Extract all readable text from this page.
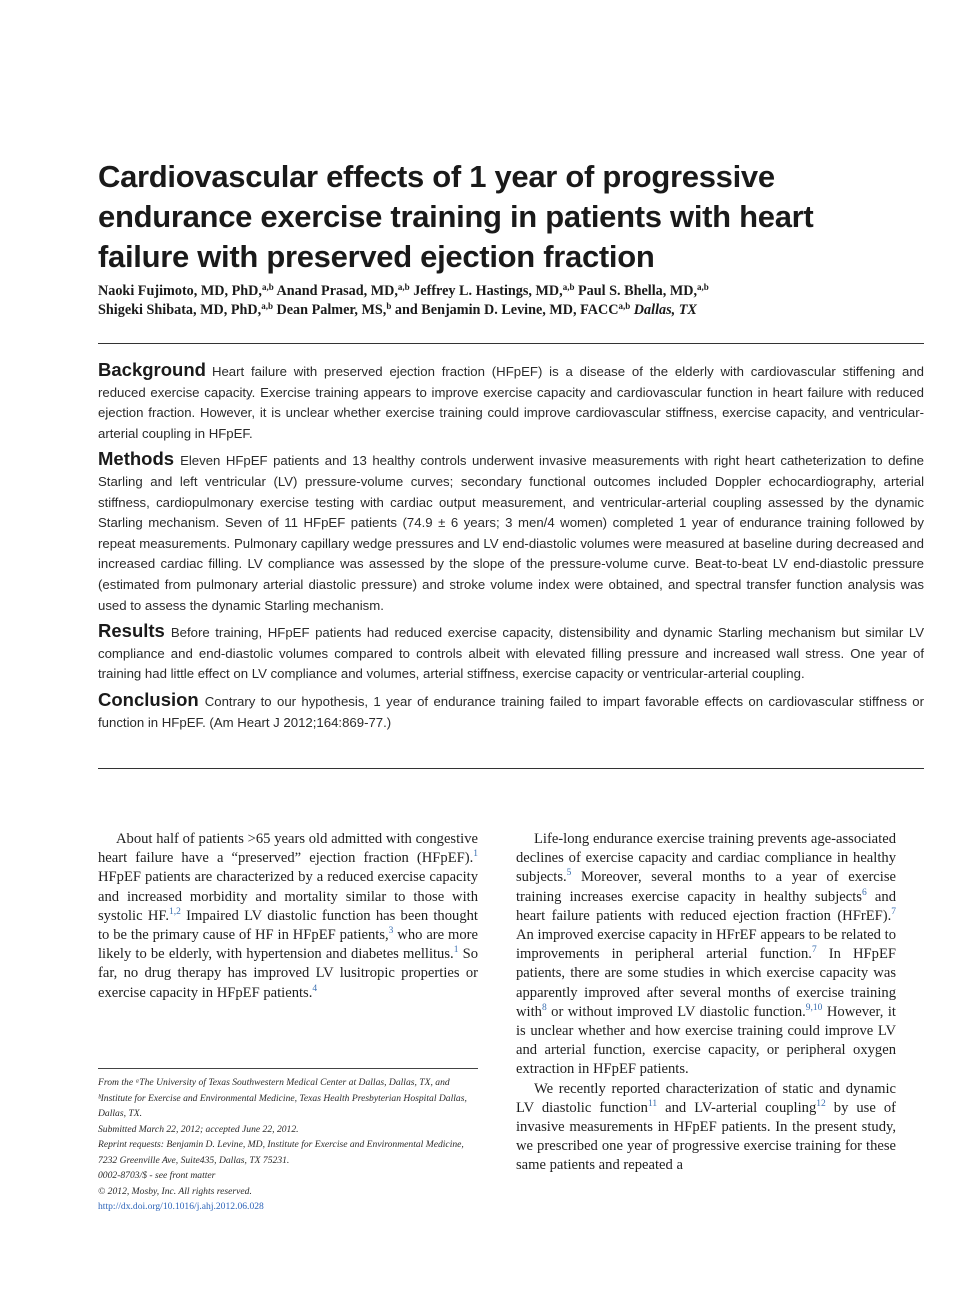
Cardiovascular effects of 1 year of progressive
endurance exercise training in patients with heart
failure with preserved ejection fraction
Naoki Fujimoto, MD, PhD,$^{a,b}$ Anand Prasad, MD,$^{a,b}$ Jeffrey L. Hastings, MD,$^{a,b}$ Paul S. Bhella, MD,$^{a,b}$
Shigeki Shibata, MD, PhD,$^{a,b}$ Dean Palmer, MS,$^b$ and Benjamin D. Levine, MD, FACC$^{a,b}$ Dallas, TX

Background Heart failure with preserved ejection fraction (HFpEF) is a disease of the elderly with cardiovascular stiffening and reduced exercise capacity. Exercise training appears to improve exercise capacity and cardiovascular function in heart failure with reduced ejection fraction. However, it is unclear whether exercise training could improve cardiovascular stiffness, exercise capacity, and ventricular-arterial coupling in HFpEF.

Methods Eleven HFpEF patients and 13 healthy controls underwent invasive measurements with right heart catheterization to define Starling and left ventricular (LV) pressure-volume curves; secondary functional outcomes included Doppler echocardiography, arterial stiffness, cardiopulmonary exercise testing with cardiac output measurement, and ventricular-arterial coupling assessed by the dynamic Starling mechanism. Seven of 11 HFpEF patients (74.9 ± 6 years; 3 men/4 women) completed 1 year of endurance training followed by repeat measurements. Pulmonary capillary wedge pressures and LV end-diastolic volumes were measured at baseline during decreased and increased cardiac filling. LV compliance was assessed by the slope of the pressure-volume curve. Beat-to-beat LV end-diastolic pressure (estimated from pulmonary arterial diastolic pressure) and stroke volume index were obtained, and spectral transfer function analysis was used to assess the dynamic Starling mechanism.

Results Before training, HFpEF patients had reduced exercise capacity, distensibility and dynamic Starling mechanism but similar LV compliance and end-diastolic volumes compared to controls albeit with elevated filling pressure and increased wall stress. One year of training had little effect on LV compliance and volumes, arterial stiffness, exercise capacity or ventricular-arterial coupling.

Conclusion Contrary to our hypothesis, 1 year of endurance training failed to impart favorable effects on cardiovascular stiffness or function in HFpEF. (Am Heart J 2012;164:869-77.)

About half of patients >65 years old admitted with congestive heart failure have a “preserved” ejection fraction (HFpEF).$^1$ HFpEF patients are characterized by a reduced exercise capacity and increased morbidity and mortality similar to those with systolic HF.$^{1,2}$ Impaired LV diastolic function has been thought to be the primary cause of HF in HFpEF patients,$^3$ who are more likely to be elderly, with hypertension and diabetes mellitus.$^1$ So far, no drug therapy has improved LV lusitropic properties or exercise capacity in HFpEF patients.$^4$

From the ᵃThe University of Texas Southwestern Medical Center at Dallas, Dallas, TX, and ᵇInstitute for Exercise and Environmental Medicine, Texas Health Presbyterian Hospital Dallas, Dallas, TX.
Submitted March 22, 2012; accepted June 22, 2012.
Reprint requests: Benjamin D. Levine, MD, Institute for Exercise and Environmental Medicine, 7232 Greenville Ave, Suite435, Dallas, TX 75231.
0002-8703/$ - see front matter
© 2012, Mosby, Inc. All rights reserved.
http://dx.doi.org/10.1016/j.ahj.2012.06.028

Life-long endurance exercise training prevents age-associated declines of exercise capacity and cardiac compliance in healthy subjects.$^5$ Moreover, several months to a year of exercise training increases exercise capacity in healthy subjects$^6$ and heart failure patients with reduced ejection fraction (HFrEF).$^7$ An improved exercise capacity in HFrEF appears to be related to improvements in peripheral arterial function.$^7$ In HFpEF patients, there are some studies in which exercise capacity was apparently improved after several months of exercise training with$^8$ or without improved LV diastolic function.$^{9,10}$ However, it is unclear whether and how exercise training could improve LV and arterial function, exercise capacity, or peripheral oxygen extraction in HFpEF patients.

We recently reported characterization of static and dynamic LV diastolic function$^{11}$ and LV-arterial coupling$^{12}$ by use of invasive measurements in HFpEF patients. In the present study, we prescribed one year of progressive exercise training for these same patients and repeated a
